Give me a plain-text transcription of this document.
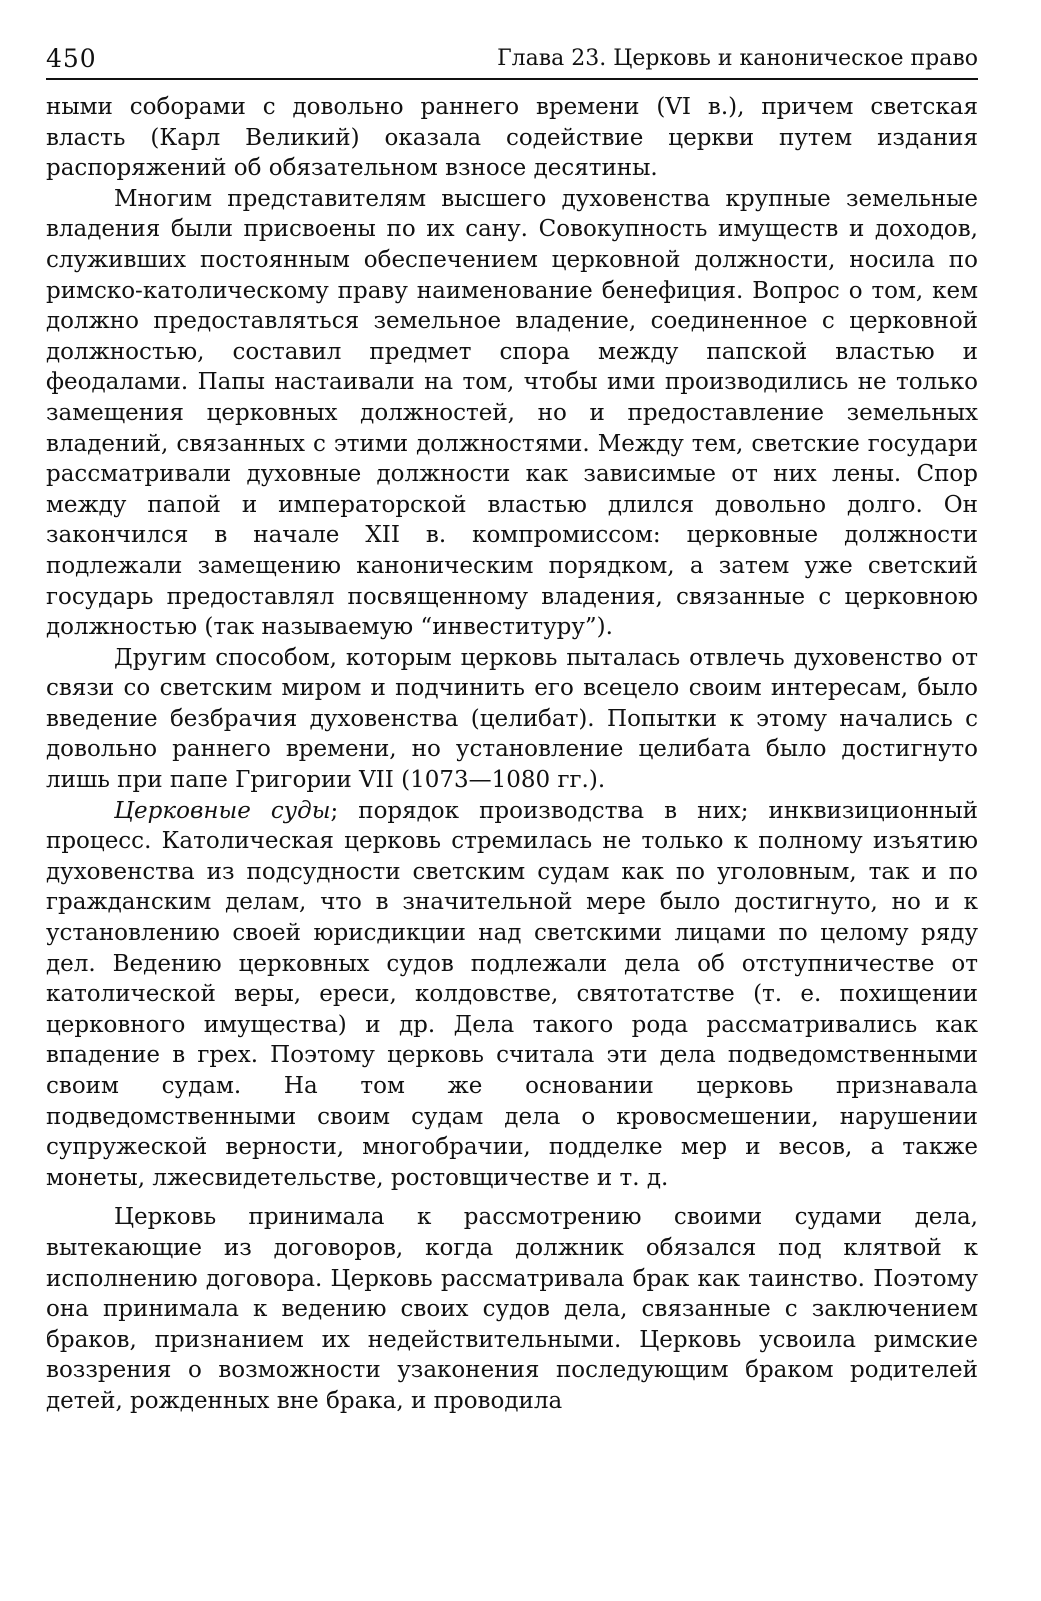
450	Глава 23. Церковь и каноническое право

ными соборами с довольно раннего времени (VI в.), причем светская власть (Карл Великий) оказала содействие церкви путем издания распоряжений об обязательном взносе десятины.

Многим представителям высшего духовенства крупные земельные владения были присвоены по их сану. Совокупность имуществ и доходов, служивших постоянным обеспечением церковной должности, носила по римско-католическому праву наименование бенефиция. Вопрос о том, кем должно предоставляться земельное владение, соединенное с церковной должностью, составил предмет спора между папской властью и феодалами. Папы настаивали на том, чтобы ими производились не только замещения церковных должностей, но и предоставление земельных владений, связанных с этими должностями. Между тем, светские государи рассматривали духовные должности как зависимые от них лены. Спор между папой и императорской властью длился довольно долго. Он закончился в начале XII в. компромиссом: церковные должности подлежали замещению каноническим порядком, а затем уже светский государь предоставлял посвященному владения, связанные с церковною должностью (так называемую “инвеституру”).

Другим способом, которым церковь пыталась отвлечь духовенство от связи со светским миром и подчинить его всецело своим интересам, было введение безбрачия духовенства (целибат). Попытки к этому начались с довольно раннего времени, но установление целибата было достигнуто лишь при папе Григории VII (1073—1080 гг.).

Церковные суды; порядок производства в них; инквизиционный процесс. Католическая церковь стремилась не только к полному изъятию духовенства из подсудности светским судам как по уголовным, так и по гражданским делам, что в значительной мере было достигнуто, но и к установлению своей юрисдикции над светскими лицами по целому ряду дел. Ведению церковных судов подлежали дела об отступничестве от католической веры, ереси, колдовстве, святотатстве (т. е. похищении церковного имущества) и др. Дела такого рода рассматривались как впадение в грех. Поэтому церковь считала эти дела подведомственными своим судам. На том же основании церковь признавала подведомственными своим судам дела о кровосмешении, нарушении супружеской верности, многобрачии, подделке мер и весов, а также монеты, лжесвидетельстве, ростовщичестве и т. д.

Церковь принимала к рассмотрению своими судами дела, вытекающие из договоров, когда должник обязался под клятвой к исполнению договора. Церковь рассматривала брак как таинство. Поэтому она принимала к ведению своих судов дела, связанные с заключением браков, признанием их недействительными. Церковь усвоила римские воззрения о возможности узаконения последующим браком родителей детей, рожденных вне брака, и проводила
